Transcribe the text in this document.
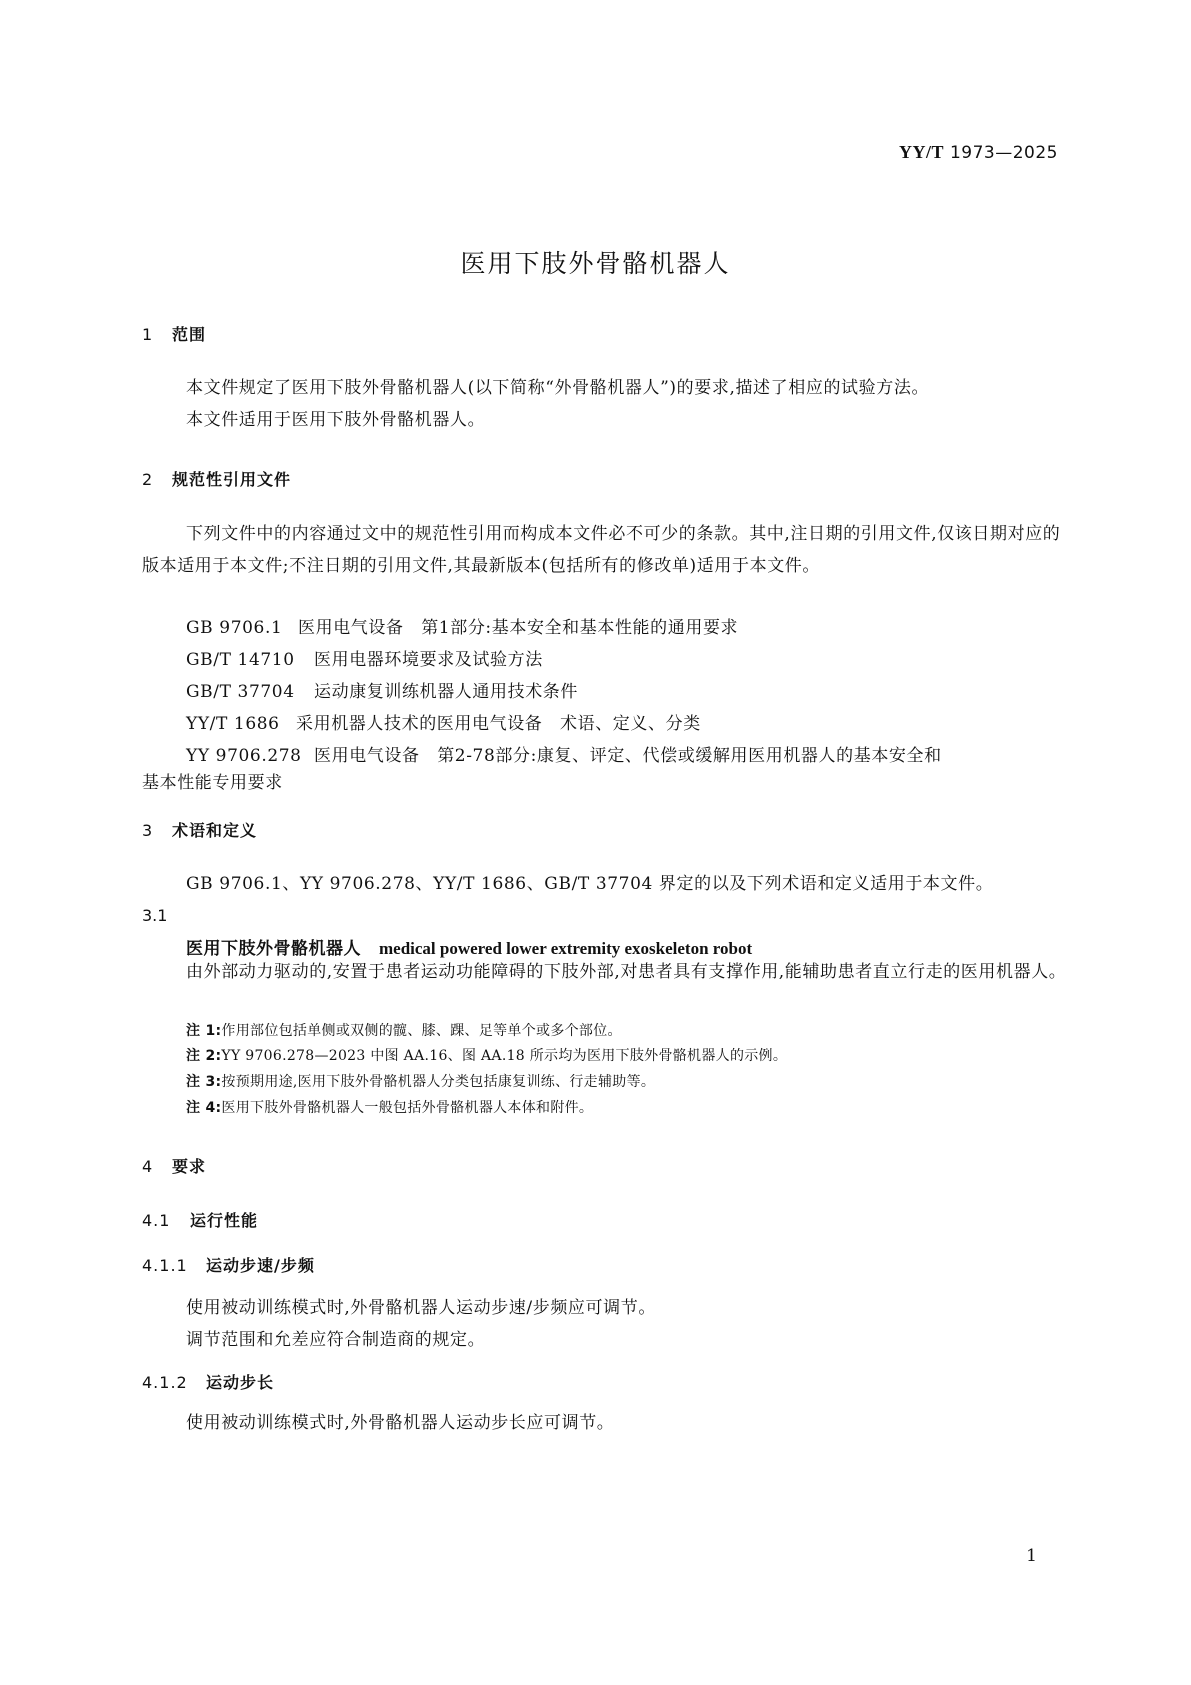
YY/T 1973—2025
医用下肢外骨骼机器人
1 范围
本文件规定了医用下肢外骨骼机器人(以下简称“外骨骼机器人”)的要求,描述了相应的试验方法。
本文件适用于医用下肢外骨骼机器人。
2 规范性引用文件
下列文件中的内容通过文中的规范性引用而构成本文件必不可少的条款。其中,注日期的引用文件,仅该日期对应的版本适用于本文件;不注日期的引用文件,其最新版本(包括所有的修改单)适用于本文件。
GB 9706.1 医用电气设备　第1部分:基本安全和基本性能的通用要求
GB/T 14710 医用电器环境要求及试验方法
GB/T 37704 运动康复训练机器人通用技术条件
YY/T 1686 采用机器人技术的医用电气设备　术语、定义、分类
YY 9706.278 医用电气设备　第2-78部分:康复、评定、代偿或缓解用医用机器人的基本安全和
基本性能专用要求
3 术语和定义
GB 9706.1、YY 9706.278、YY/T 1686、GB/T 37704 界定的以及下列术语和定义适用于本文件。
3.1
医用下肢外骨骼机器人 medical powered lower extremity exoskeleton robot
由外部动力驱动的,安置于患者运动功能障碍的下肢外部,对患者具有支撑作用,能辅助患者直立行走的医用机器人。
注 1:作用部位包括单侧或双侧的髋、膝、踝、足等单个或多个部位。
注 2:YY 9706.278—2023 中图 AA.16、图 AA.18 所示均为医用下肢外骨骼机器人的示例。
注 3:按预期用途,医用下肢外骨骼机器人分类包括康复训练、行走辅助等。
注 4:医用下肢外骨骼机器人一般包括外骨骼机器人本体和附件。
4 要求
4.1 运行性能
4.1.1 运动步速/步频
使用被动训练模式时,外骨骼机器人运动步速/步频应可调节。
调节范围和允差应符合制造商的规定。
4.1.2 运动步长
使用被动训练模式时,外骨骼机器人运动步长应可调节。
1
